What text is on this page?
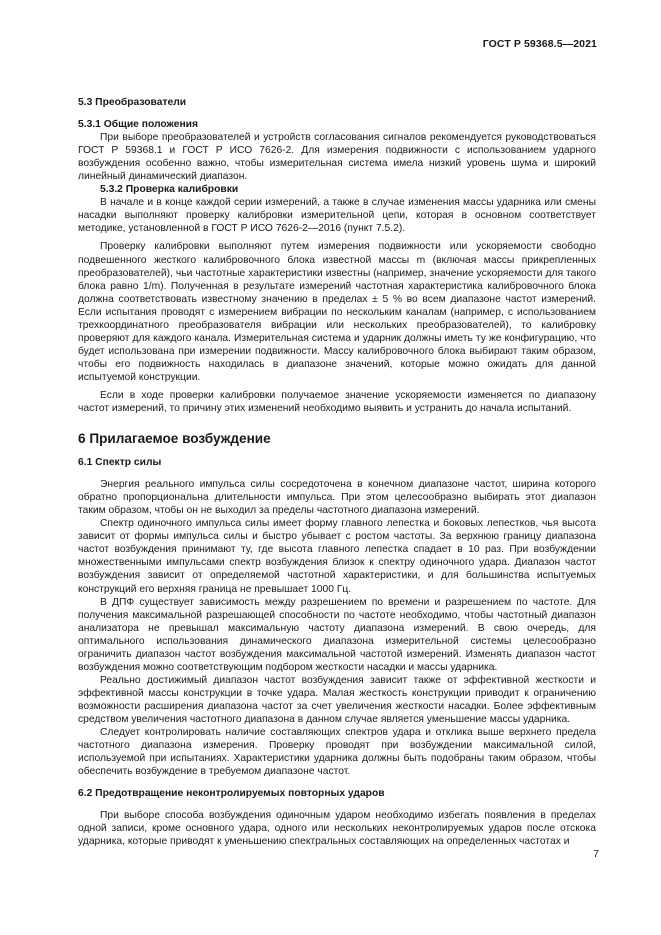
ГОСТ Р 59368.5—2021
5.3 Преобразователи
5.3.1 Общие положения

При выборе преобразователей и устройств согласования сигналов рекомендуется руководствоваться ГОСТ Р 59368.1 и ГОСТ Р ИСО 7626-2. Для измерения подвижности с использованием ударного возбуждения особенно важно, чтобы измерительная система имела низкий уровень шума и широкий линейный динамический диапазон.

5.3.2 Проверка калибровки

В начале и в конце каждой серии измерений, а также в случае изменения массы ударника или смены насадки выполняют проверку калибровки измерительной цепи, которая в основном соответствует методике, установленной в ГОСТ Р ИСО 7626-2—2016 (пункт 7.5.2).

Проверку калибровки выполняют путем измерения подвижности или ускоряемости свободно подвешенного жесткого калибровочного блока известной массы m (включая массы прикрепленных преобразователей), чьи частотные характеристики известны (например, значение ускоряемости для такого блока равно 1/m). Полученная в результате измерений частотная характеристика калибровочного блока должна соответствовать известному значению в пределах ± 5 % во всем диапазоне частот измерений. Если испытания проводят с измерением вибрации по нескольким каналам (например, с использованием трехкоординатного преобразователя вибрации или нескольких преобразователей), то калибровку проверяют для каждого канала. Измерительная система и ударник должны иметь ту же конфигурацию, что будет использована при измерении подвижности. Массу калибровочного блока выбирают таким образом, чтобы его подвижность находилась в диапазоне значений, которые можно ожидать для данной испытуемой конструкции.

Если в ходе проверки калибровки получаемое значение ускоряемости изменяется по диапазону частот измерений, то причину этих изменений необходимо выявить и устранить до начала испытаний.

6 Прилагаемое возбуждение
6.1 Спектр силы

Энергия реального импульса силы сосредоточена в конечном диапазоне частот, ширина которого обратно пропорциональна длительности импульса. При этом целесообразно выбирать этот диапазон таким образом, чтобы он не выходил за пределы частотного диапазона измерений.

Спектр одиночного импульса силы имеет форму главного лепестка и боковых лепестков, чья высота зависит от формы импульса силы и быстро убывает с ростом частоты. За верхнюю границу диапазона частот возбуждения принимают ту, где высота главного лепестка спадает в 10 раз. При возбуждении множественными импульсами спектр возбуждения близок к спектру одиночного удара. Диапазон частот возбуждения зависит от определяемой частотной характеристики, и для большинства испытуемых конструкций его верхняя граница не превышает 1000 Гц.

В ДПФ существует зависимость между разрешением по времени и разрешением по частоте. Для получения максимальной разрешающей способности по частоте необходимо, чтобы частотный диапазон анализатора не превышал максимальную частоту диапазона измерений. В свою очередь, для оптимального использования динамического диапазона измерительной системы целесообразно ограничить диапазон частот возбуждения максимальной частотой измерений. Изменять диапазон частот возбуждения можно соответствующим подбором жесткости насадки и массы ударника.

Реально достижимый диапазон частот возбуждения зависит также от эффективной жесткости и эффективной массы конструкции в точке удара. Малая жесткость конструкции приводит к ограничению возможности расширения диапазона частот за счет увеличения жесткости насадки. Более эффективным средством увеличения частотного диапазона в данном случае является уменьшение массы ударника.

Следует контролировать наличие составляющих спектров удара и отклика выше верхнего предела частотного диапазона измерения. Проверку проводят при возбуждении максимальной силой, используемой при испытаниях. Характеристики ударника должны быть подобраны таким образом, чтобы обеспечить возбуждение в требуемом диапазоне частот.

6.2 Предотвращение неконтролируемых повторных ударов

При выборе способа возбуждения одиночным ударом необходимо избегать появления в пределах одной записи, кроме основного удара, одного или нескольких неконтролируемых ударов после отскока ударника, которые приводят к уменьшению спектральных составляющих на определенных частотах и

7
